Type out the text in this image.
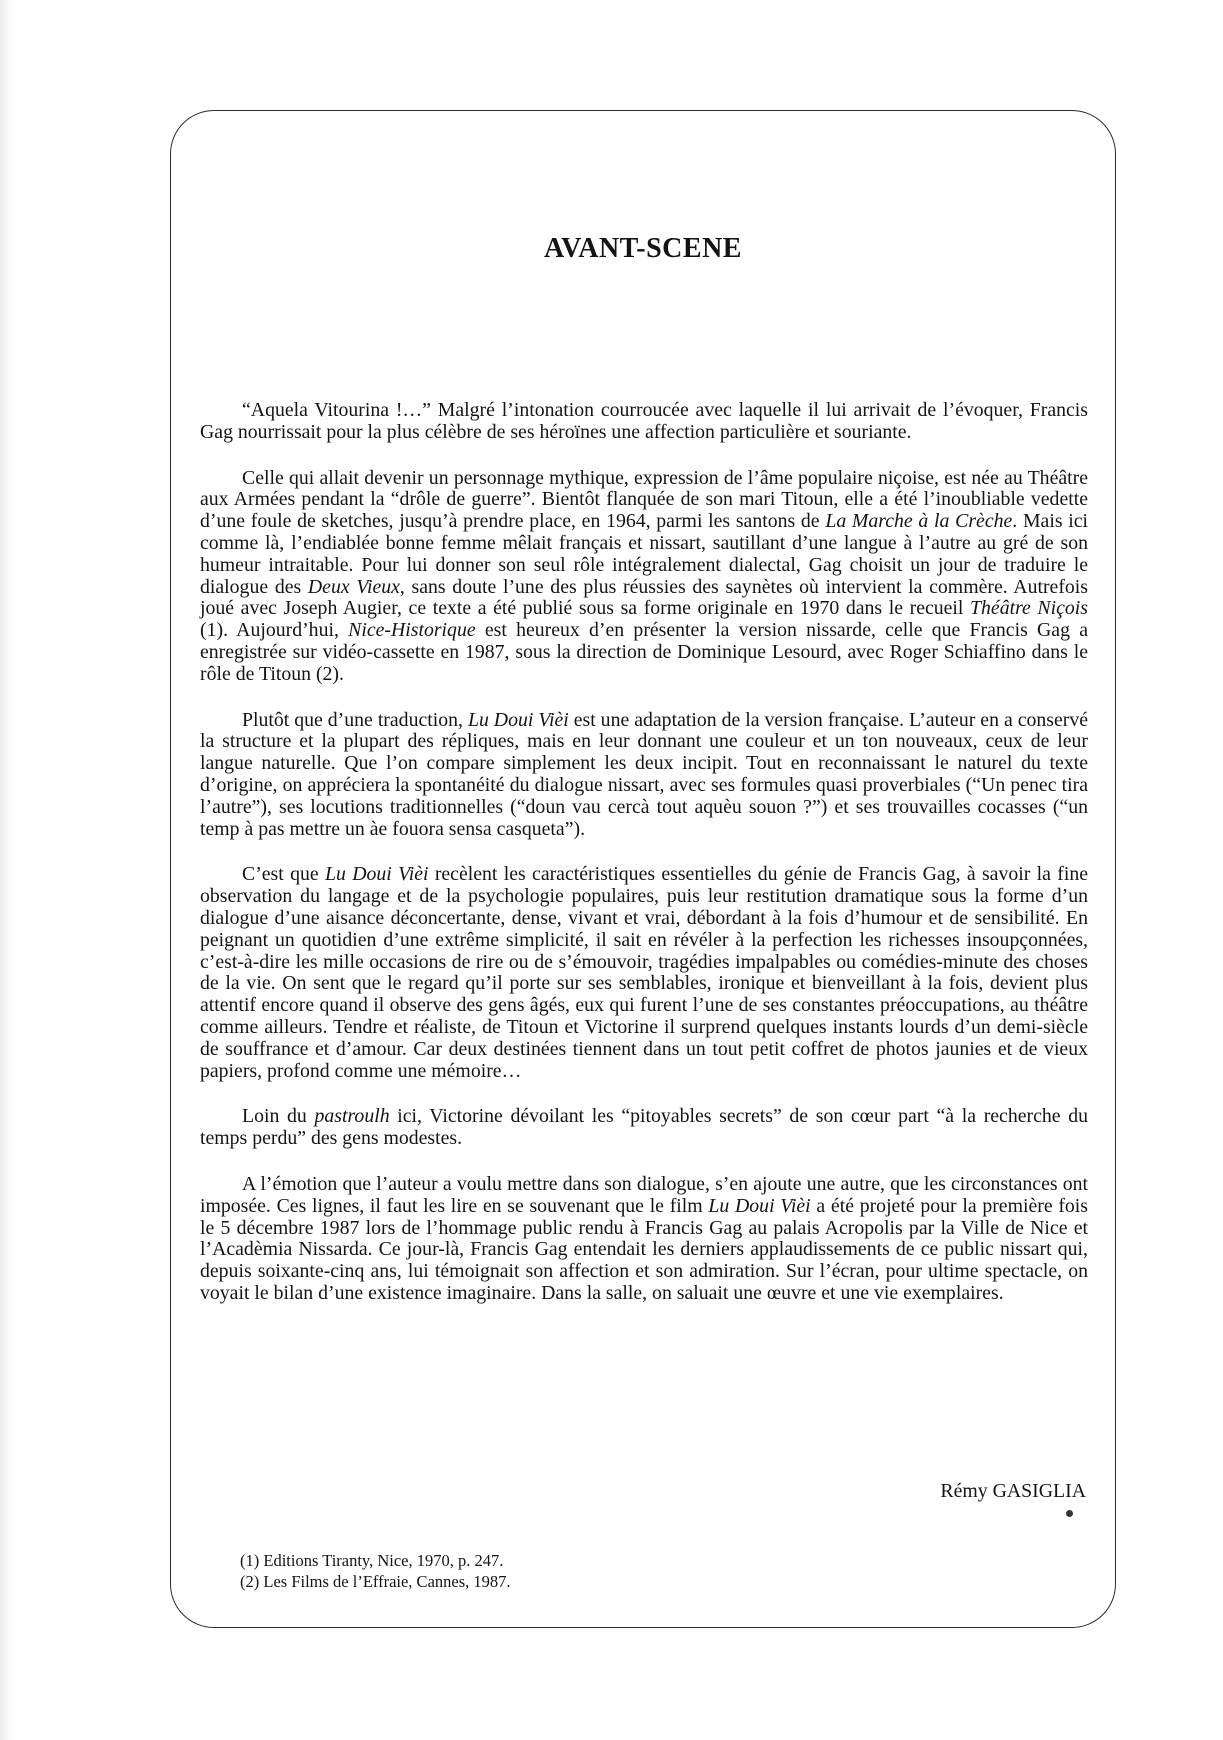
AVANT-SCENE

“Aquela Vitourina !…” Malgré l’intonation courroucée avec laquelle il lui arrivait de l’évoquer, Francis Gag nourrissait pour la plus célèbre de ses héroïnes une affection particulière et souriante.

Celle qui allait devenir un personnage mythique, expression de l’âme populaire niçoise, est née au Théâtre aux Armées pendant la “drôle de guerre”. Bientôt flanquée de son mari Titoun, elle a été l’inoubliable vedette d’une foule de sketches, jusqu’à prendre place, en 1964, parmi les santons de La Marche à la Crèche. Mais ici comme là, l’endiablée bonne femme mêlait français et nissart, sautillant d’une langue à l’autre au gré de son humeur intraitable. Pour lui donner son seul rôle intégralement dialectal, Gag choisit un jour de traduire le dialogue des Deux Vieux, sans doute l’une des plus réussies des saynètes où intervient la commère. Autrefois joué avec Joseph Augier, ce texte a été publié sous sa forme originale en 1970 dans le recueil Théâtre Niçois (1). Aujourd’hui, Nice-Historique est heureux d’en présenter la version nissarde, celle que Francis Gag a enregistrée sur vidéo-cassette en 1987, sous la direction de Dominique Lesourd, avec Roger Schiaffino dans le rôle de Titoun (2).

Plutôt que d’une traduction, Lu Doui Vièi est une adaptation de la version française. L’auteur en a conservé la structure et la plupart des répliques, mais en leur donnant une couleur et un ton nouveaux, ceux de leur langue naturelle. Que l’on compare simplement les deux incipit. Tout en reconnaissant le naturel du texte d’origine, on appréciera la spontanéité du dialogue nissart, avec ses formules quasi proverbiales (“Un penec tira l’autre”), ses locutions traditionnelles (“doun vau cercà tout aquèu souon ?”) et ses trouvailles cocasses (“un temp à pas mettre un àe fouora sensa casqueta”).

C’est que Lu Doui Vièi recèlent les caractéristiques essentielles du génie de Francis Gag, à savoir la fine observation du langage et de la psychologie populaires, puis leur restitution dramatique sous la forme d’un dialogue d’une aisance déconcertante, dense, vivant et vrai, débordant à la fois d’humour et de sensibilité. En peignant un quotidien d’une extrême simplicité, il sait en révéler à la perfection les richesses insoupçonnées, c’est-à-dire les mille occasions de rire ou de s’émouvoir, tragédies impalpables ou comédies-minute des choses de la vie. On sent que le regard qu’il porte sur ses semblables, ironique et bienveillant à la fois, devient plus attentif encore quand il observe des gens âgés, eux qui furent l’une de ses constantes préoccupations, au théâtre comme ailleurs. Tendre et réaliste, de Titoun et Victorine il surprend quelques instants lourds d’un demi-siècle de souffrance et d’amour. Car deux destinées tiennent dans un tout petit coffret de photos jaunies et de vieux papiers, profond comme une mémoire…

Loin du pastroulh ici, Victorine dévoilant les “pitoyables secrets” de son cœur part “à la recherche du temps perdu” des gens modestes.

A l’émotion que l’auteur a voulu mettre dans son dialogue, s’en ajoute une autre, que les circonstances ont imposée. Ces lignes, il faut les lire en se souvenant que le film Lu Doui Vièi a été projeté pour la première fois le 5 décembre 1987 lors de l’hommage public rendu à Francis Gag au palais Acropolis par la Ville de Nice et l’Acadèmia Nissarda. Ce jour-là, Francis Gag entendait les derniers applaudissements de ce public nissart qui, depuis soixante-cinq ans, lui témoignait son affection et son admiration. Sur l’écran, pour ultime spectacle, on voyait le bilan d’une existence imaginaire. Dans la salle, on saluait une œuvre et une vie exemplaires.

Rémy GASIGLIA
(1) Editions Tiranty, Nice, 1970, p. 247.
(2) Les Films de l’Effraie, Cannes, 1987.
